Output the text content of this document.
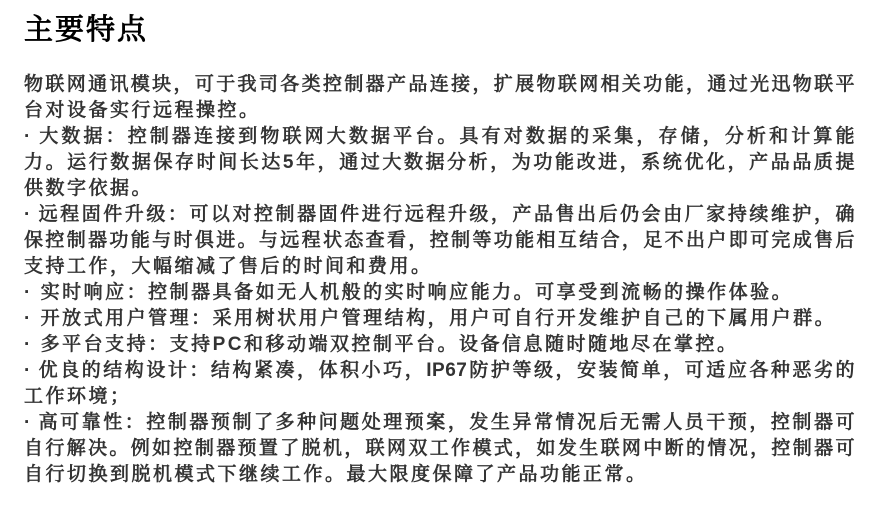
主要特点
物联网通讯模块，可于我司各类控制器产品连接，扩展物联网相关功能，通过光迅物联平
台对设备实行远程操控。
· 大数据：控制器连接到物联网大数据平台。具有对数据的采集，存储，分析和计算能
力。运行数据保存时间长达5年，通过大数据分析，为功能改进，系统优化，产品品质提
供数字依据。
· 远程固件升级：可以对控制器固件进行远程升级，产品售出后仍会由厂家持续维护，确
保控制器功能与时俱进。与远程状态查看，控制等功能相互结合，足不出户即可完成售后
支持工作，大幅缩减了售后的时间和费用。
· 实时响应：控制器具备如无人机般的实时响应能力。可享受到流畅的操作体验。
· 开放式用户管理：采用树状用户管理结构，用户可自行开发维护自己的下属用户群。
· 多平台支持：支持PC和移动端双控制平台。设备信息随时随地尽在掌控。
· 优良的结构设计：结构紧凑，体积小巧，IP67防护等级，安装简单，可适应各种恶劣的
工作环境；
· 高可靠性：控制器预制了多种问题处理预案，发生异常情况后无需人员干预，控制器可
自行解决。例如控制器预置了脱机，联网双工作模式，如发生联网中断的情况，控制器可
自行切换到脱机模式下继续工作。最大限度保障了产品功能正常。
